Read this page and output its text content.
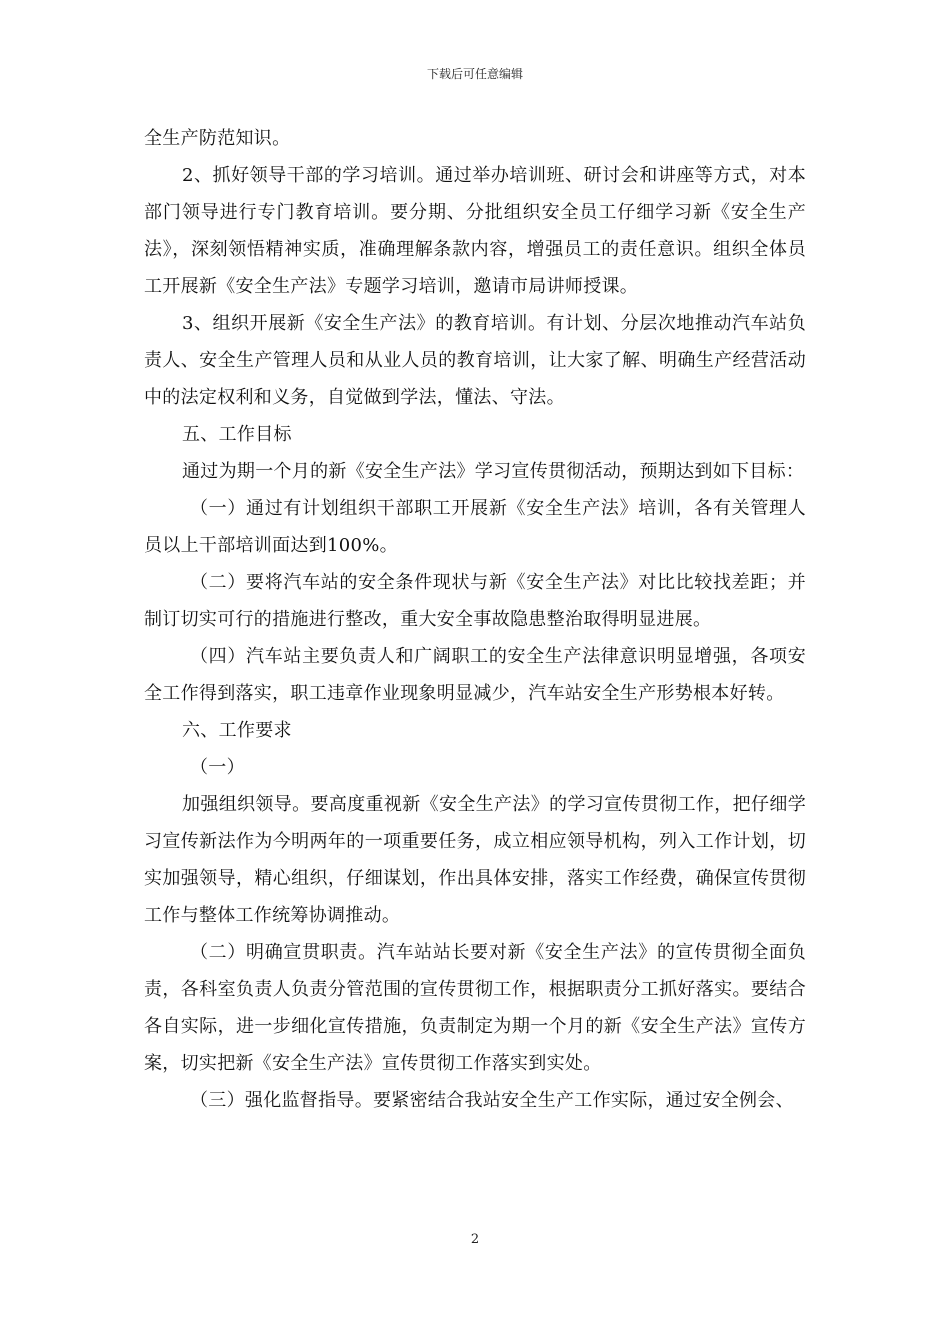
下载后可任意编辑

全生产防范知识。

2、抓好领导干部的学习培训。通过举办培训班、研讨会和讲座等方式，对本部门领导进行专门教育培训。要分期、分批组织安全员工仔细学习新《安全生产法》，深刻领悟精神实质，准确理解条款内容，增强员工的责任意识。组织全体员工开展新《安全生产法》专题学习培训，邀请市局讲师授课。

3、组织开展新《安全生产法》的教育培训。有计划、分层次地推动汽车站负责人、安全生产管理人员和从业人员的教育培训，让大家了解、明确生产经营活动中的法定权利和义务，自觉做到学法，懂法、守法。

五、工作目标

通过为期一个月的新《安全生产法》学习宣传贯彻活动，预期达到如下目标：

（一）通过有计划组织干部职工开展新《安全生产法》培训，各有关管理人员以上干部培训面达到100%。

（二）要将汽车站的安全条件现状与新《安全生产法》对比比较找差距；并制订切实可行的措施进行整改，重大安全事故隐患整治取得明显进展。

（四）汽车站主要负责人和广阔职工的安全生产法律意识明显增强，各项安全工作得到落实，职工违章作业现象明显减少，汽车站安全生产形势根本好转。

六、工作要求

（一）

加强组织领导。要高度重视新《安全生产法》的学习宣传贯彻工作，把仔细学习宣传新法作为今明两年的一项重要任务，成立相应领导机构，列入工作计划，切实加强领导，精心组织，仔细谋划，作出具体安排，落实工作经费，确保宣传贯彻工作与整体工作统筹协调推动。

（二）明确宣贯职责。汽车站站长要对新《安全生产法》的宣传贯彻全面负责，各科室负责人负责分管范围的宣传贯彻工作，根据职责分工抓好落实。要结合各自实际，进一步细化宣传措施，负责制定为期一个月的新《安全生产法》宣传方案，切实把新《安全生产法》宣传贯彻工作落实到实处。

（三）强化监督指导。要紧密结合我站安全生产工作实际，通过安全例会、

2
